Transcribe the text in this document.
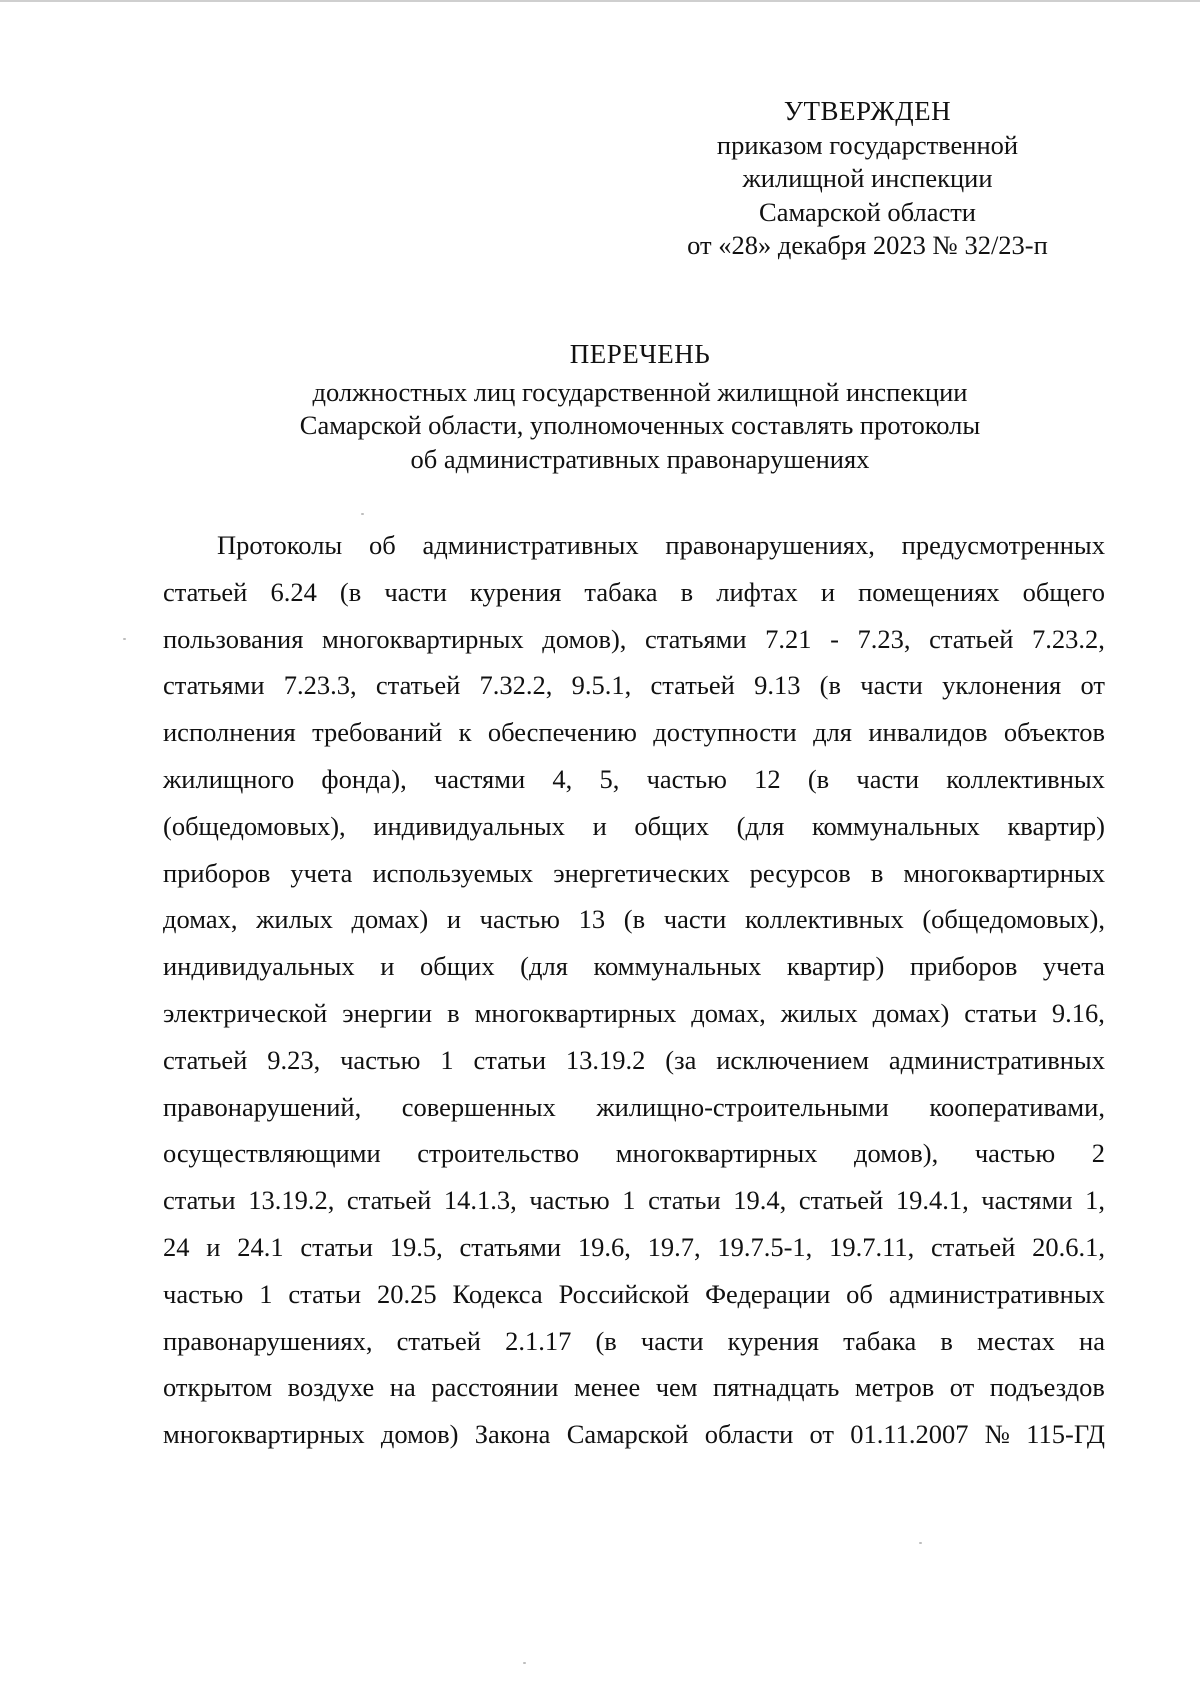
УТВЕРЖДЕН
приказом государственной
жилищной инспекции
Самарской области
от «28» декабря 2023 № 32/23-п
ПЕРЕЧЕНЬ
должностных лиц государственной жилищной инспекции
Самарской области, уполномоченных составлять протоколы
об административных правонарушениях
Протоколы об административных правонарушениях, предусмотренных
статьей 6.24 (в части курения табака в лифтах и помещениях общего
пользования многоквартирных домов), статьями 7.21 - 7.23, статьей 7.23.2,
статьями 7.23.3, статьей 7.32.2, 9.5.1, статьей 9.13 (в части уклонения от
исполнения требований к обеспечению доступности для инвалидов объектов
жилищного фонда), частями 4, 5, частью 12 (в части коллективных
(общедомовых), индивидуальных и общих (для коммунальных квартир)
приборов учета используемых энергетических ресурсов в многоквартирных
домах, жилых домах) и частью 13 (в части коллективных (общедомовых),
индивидуальных и общих (для коммунальных квартир) приборов учета
электрической энергии в многоквартирных домах, жилых домах) статьи 9.16,
статьей 9.23, частью 1 статьи 13.19.2 (за исключением административных
правонарушений, совершенных жилищно-строительными кооперативами,
осуществляющими строительство многоквартирных домов), частью 2
статьи 13.19.2, статьей 14.1.3, частью 1 статьи 19.4, статьей 19.4.1, частями 1,
24 и 24.1 статьи 19.5, статьями 19.6, 19.7, 19.7.5-1, 19.7.11, статьей 20.6.1,
частью 1 статьи 20.25 Кодекса Российской Федерации об административных
правонарушениях, статьей 2.1.17 (в части курения табака в местах на
открытом воздухе на расстоянии менее чем пятнадцать метров от подъездов
многоквартирных домов) Закона Самарской области от 01.11.2007 № 115-ГД
